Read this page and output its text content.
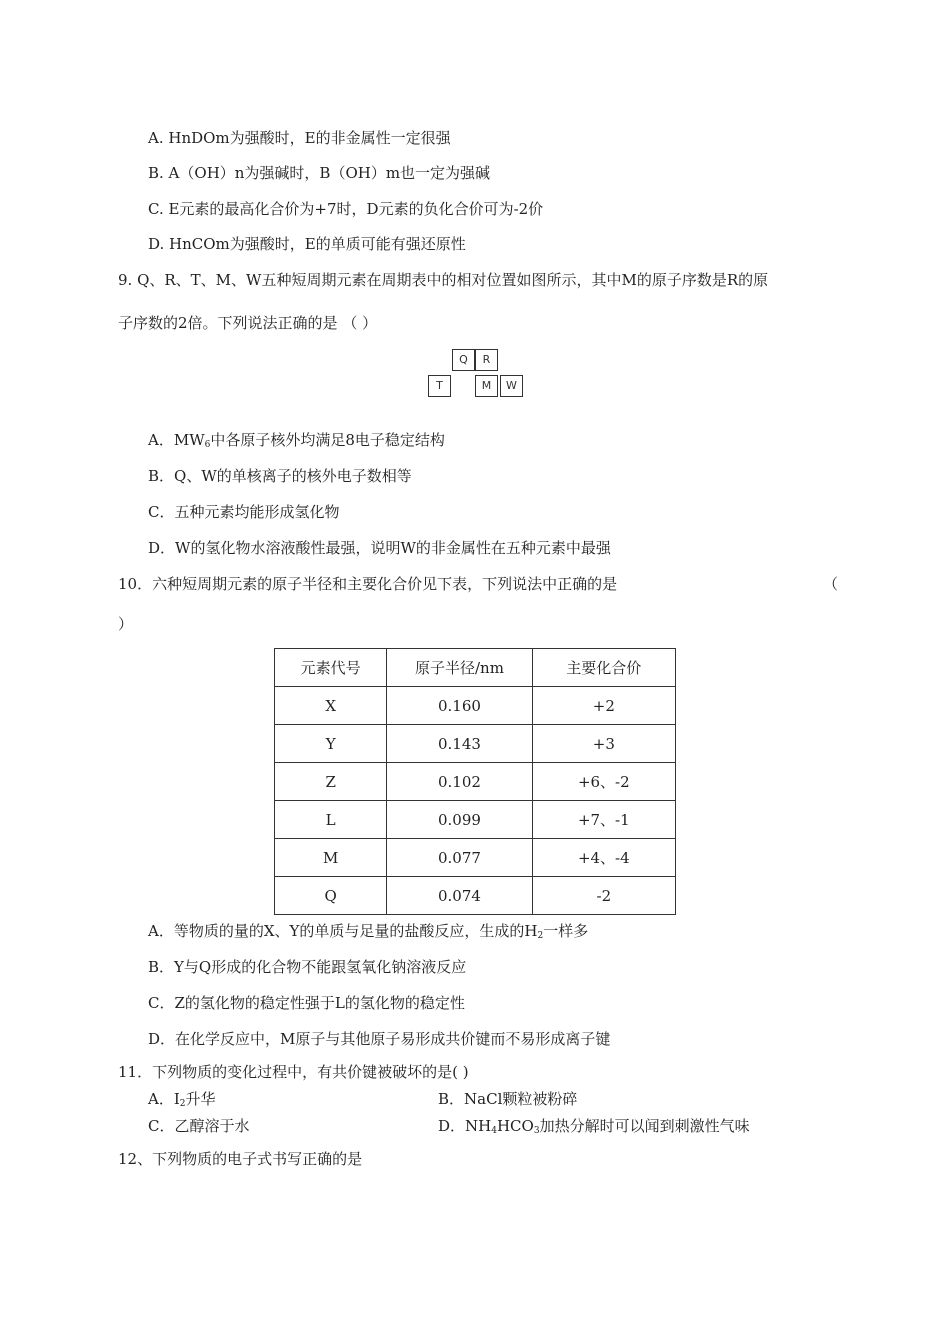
A. HnDOm为强酸时，E的非金属性一定很强
B. A（OH）n为强碱时，B（OH）m也一定为强碱
C. E元素的最高化合价为+7时，D元素的负化合价可为-2价
D. HnCOm为强酸时，E的单质可能有强还原性
9. Q、R、T、M、W五种短周期元素在周期表中的相对位置如图所示，其中M的原子序数是R的原
子序数的2倍。下列说法正确的是 （ ）
Q	R
T	M	W
A．$MW_6$中各原子核外均满足8电子稳定结构
B．Q、W的单核离子的核外电子数相等
C．五种元素均能形成氢化物
D．W的氢化物水溶液酸性最强，说明W的非金属性在五种元素中最强
10．六种短周期元素的原子半径和主要化合价见下表，下列说法中正确的是	（
）
元素代号	原子半径/nm	主要化合价
X	0.160	+2
Y	0.143	+3
Z	0.102	+6、-2
L	0.099	+7、-1
M	0.077	+4、-4
Q	0.074	-2
A．等物质的量的X、Y的单质与足量的盐酸反应，生成的$H_2$一样多
B．Y与Q形成的化合物不能跟氢氧化钠溶液反应
C．Z的氢化物的稳定性强于L的氢化物的稳定性
D．在化学反应中，M原子与其他原子易形成共价键而不易形成离子键
11．下列物质的变化过程中，有共价键被破坏的是( )
A．$I_2$升华	B．NaCl颗粒被粉碎
C．乙醇溶于水	D．$NH_4HCO_3$加热分解时可以闻到刺激性气味
12、下列物质的电子式书写正确的是
